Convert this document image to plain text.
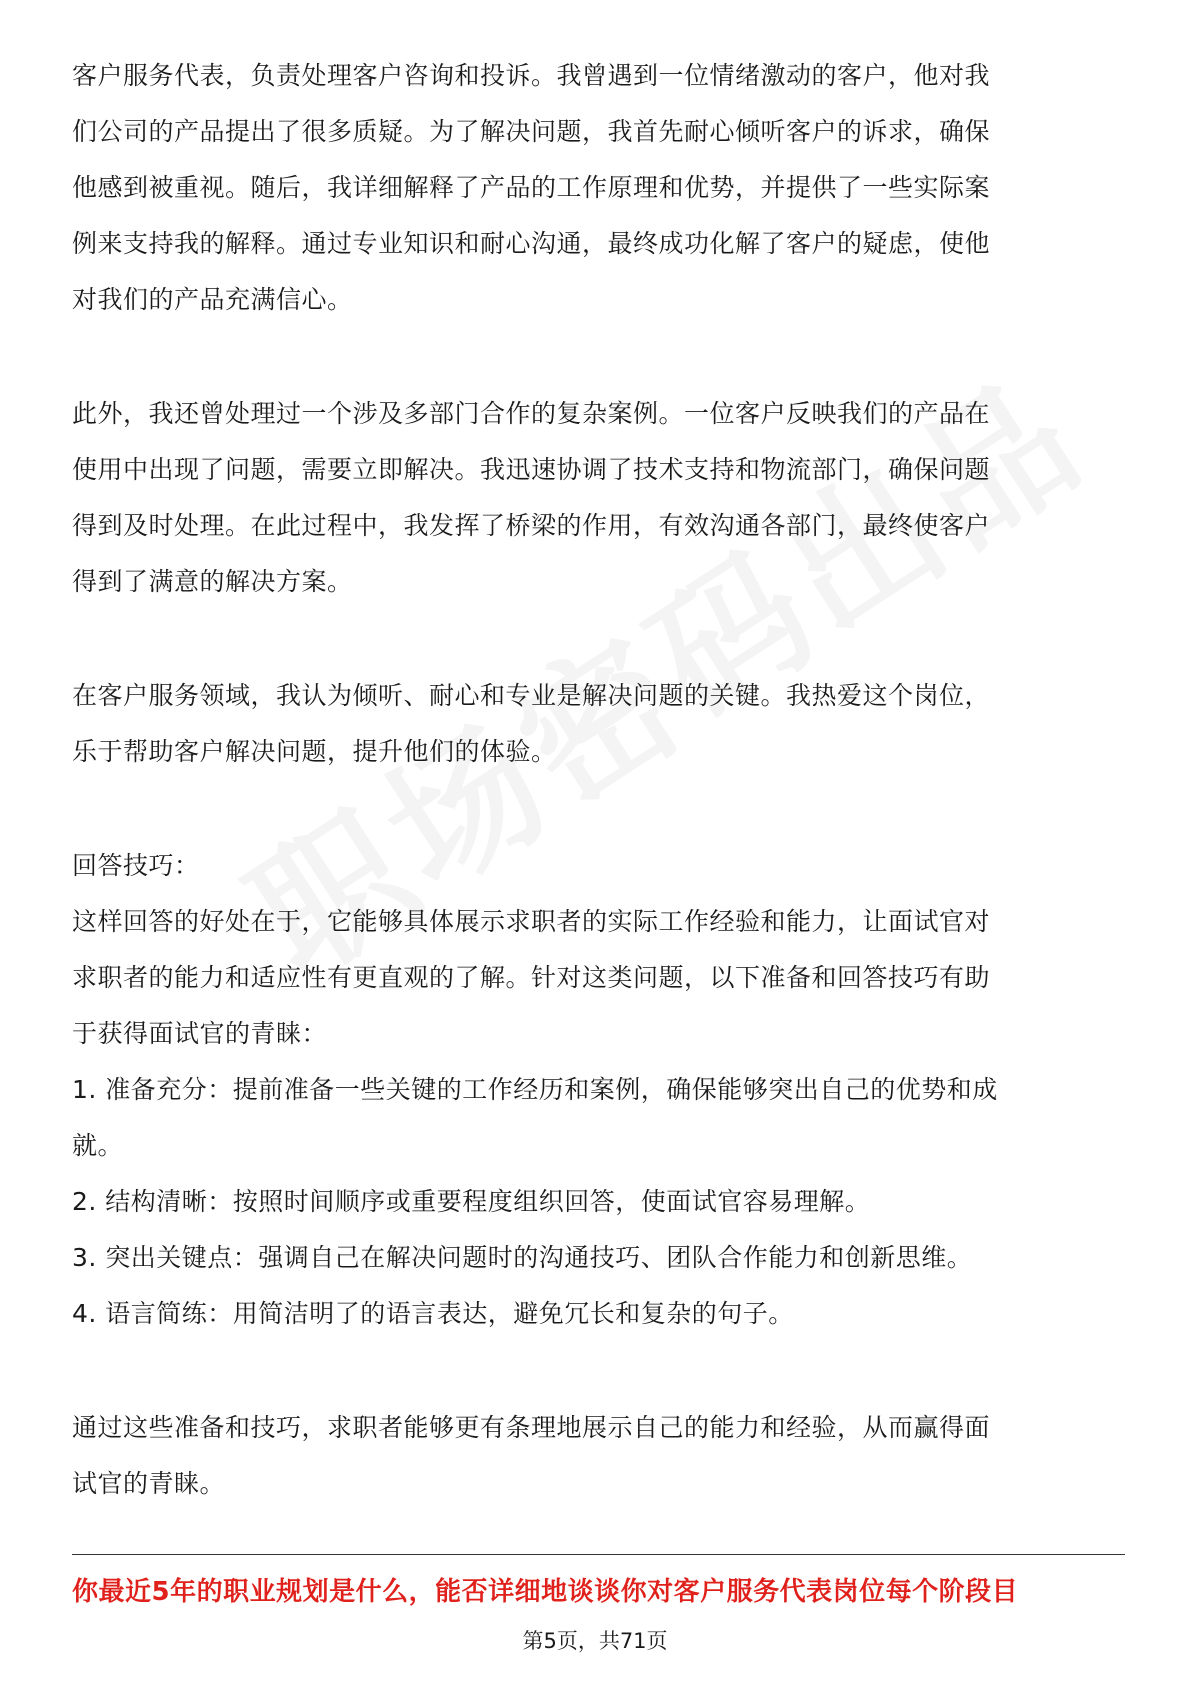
客户服务代表，负责处理客户咨询和投诉。我曾遇到一位情绪激动的客户，他对我
们公司的产品提出了很多质疑。为了解决问题，我首先耐心倾听客户的诉求，确保
他感到被重视。随后，我详细解释了产品的工作原理和优势，并提供了一些实际案
例来支持我的解释。通过专业知识和耐心沟通，最终成功化解了客户的疑虑，使他
对我们的产品充满信心。
此外，我还曾处理过一个涉及多部门合作的复杂案例。一位客户反映我们的产品在
使用中出现了问题，需要立即解决。我迅速协调了技术支持和物流部门，确保问题
得到及时处理。在此过程中，我发挥了桥梁的作用，有效沟通各部门，最终使客户
得到了满意的解决方案。
在客户服务领域，我认为倾听、耐心和专业是解决问题的关键。我热爱这个岗位，
乐于帮助客户解决问题，提升他们的体验。
回答技巧：
这样回答的好处在于，它能够具体展示求职者的实际工作经验和能力，让面试官对
求职者的能力和适应性有更直观的了解。针对这类问题，以下准备和回答技巧有助
于获得面试官的青睐：
1. 准备充分：提前准备一些关键的工作经历和案例，确保能够突出自己的优势和成
就。
2. 结构清晰：按照时间顺序或重要程度组织回答，使面试官容易理解。
3. 突出关键点：强调自己在解决问题时的沟通技巧、团队合作能力和创新思维。
4. 语言简练：用简洁明了的语言表达，避免冗长和复杂的句子。
通过这些准备和技巧，求职者能够更有条理地展示自己的能力和经验，从而赢得面
试官的青睐。
你最近5年的职业规划是什么，能否详细地谈谈你对客户服务代表岗位每个阶段目
第5页，共71页
